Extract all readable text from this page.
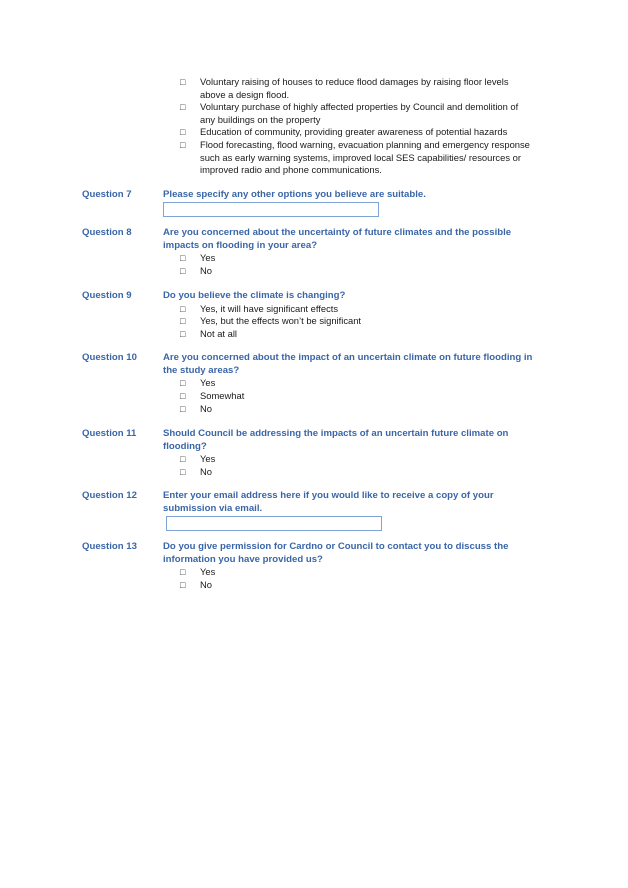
□	Voluntary raising of houses to reduce flood damages by raising floor levels above a design flood.
□	Voluntary purchase of highly affected properties by Council and demolition of any buildings on the property
□	Education of community, providing greater awareness of potential hazards
□	Flood forecasting, flood warning, evacuation planning and emergency response such as early warning systems, improved local SES capabilities/ resources or improved radio and phone communications.
Question 7	Please specify any other options you believe are suitable.
Question 8	Are you concerned about the uncertainty of future climates and the possible impacts on flooding in your area?
□	Yes
□	No
Question 9	Do you believe the climate is changing?
□	Yes, it will have significant effects
□	Yes, but the effects won’t be significant
□	Not at all
Question 10	Are you concerned about the impact of an uncertain climate on future flooding in the study areas?
□	Yes
□	Somewhat
□	No
Question 11	Should Council be addressing the impacts of an uncertain future climate on flooding?
□	Yes
□	No
Question 12	Enter your email address here if you would like to receive a copy of your submission via email.
Question 13	Do you give permission for Cardno or Council to contact you to discuss the information you have provided us?
□	Yes
□	No
